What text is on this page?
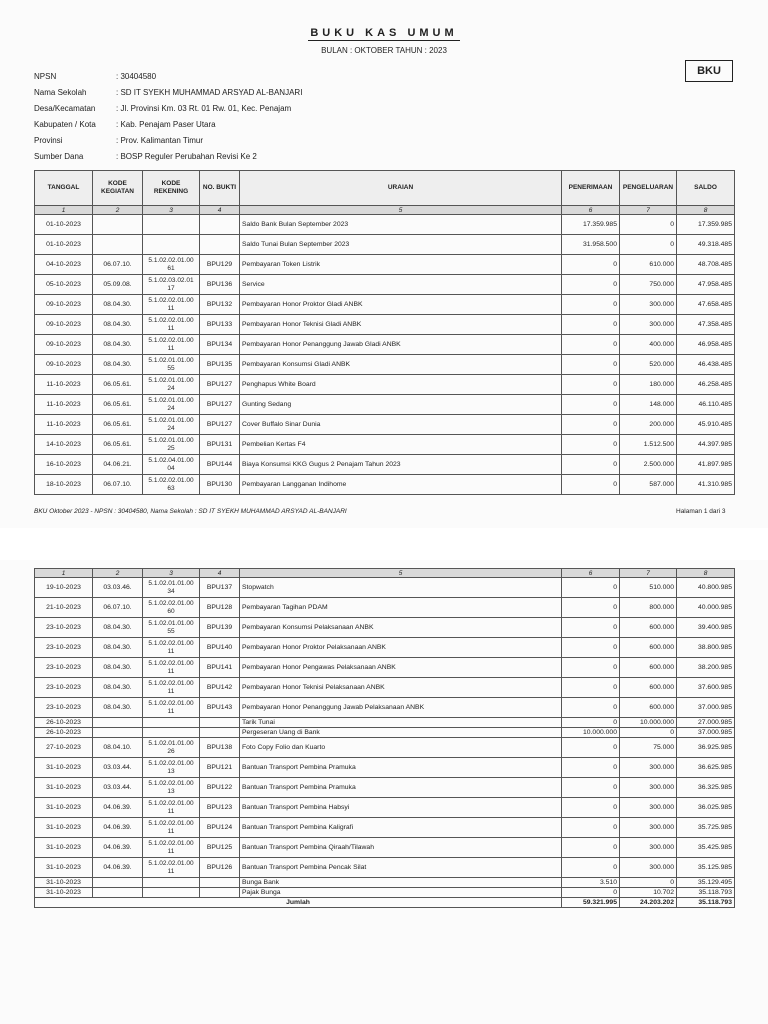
BUKU KAS UMUM
BULAN : OKTOBER TAHUN : 2023
BKU
NPSN	: 30404580
Nama Sekolah	: SD IT SYEKH MUHAMMAD ARSYAD AL-BANJARI
Desa/Kecamatan	: Jl. Provinsi Km. 03 Rt. 01 Rw. 01, Kec. Penajam
Kabupaten / Kota	: Kab. Penajam Paser Utara
Provinsi	: Prov. Kalimantan Timur
Sumber Dana	: BOSP Reguler Perubahan Revisi Ke 2
TANGGAL	KODE KEGIATAN	KODE REKENING	NO. BUKTI	URAIAN	PENERIMAAN	PENGELUARAN	SALDO
1	2	3	4	5	6	7	8
01-10-2023				Saldo Bank Bulan September 2023	17.359.985	0	17.359.985
01-10-2023				Saldo Tunai Bulan September 2023	31.958.500	0	49.318.485
04-10-2023	06.07.10.	5.1.02.02.01.00 61	BPU129	Pembayaran Token Listrik	0	610.000	48.708.485
05-10-2023	05.09.08.	5.1.02.03.02.01 17	BPU136	Service	0	750.000	47.958.485
09-10-2023	08.04.30.	5.1.02.02.01.00 11	BPU132	Pembayaran Honor Proktor Gladi ANBK	0	300.000	47.658.485
09-10-2023	08.04.30.	5.1.02.02.01.00 11	BPU133	Pembayaran Honor Teknisi Gladi ANBK	0	300.000	47.358.485
09-10-2023	08.04.30.	5.1.02.02.01.00 11	BPU134	Pembayaran Honor Penanggung Jawab Gladi ANBK	0	400.000	46.958.485
09-10-2023	08.04.30.	5.1.02.01.01.00 55	BPU135	Pembayaran Konsumsi Gladi ANBK	0	520.000	46.438.485
11-10-2023	06.05.61.	5.1.02.01.01.00 24	BPU127	Penghapus White Board	0	180.000	46.258.485
11-10-2023	06.05.61.	5.1.02.01.01.00 24	BPU127	Gunting Sedang	0	148.000	46.110.485
11-10-2023	06.05.61.	5.1.02.01.01.00 24	BPU127	Cover Buffalo Sinar Dunia	0	200.000	45.910.485
14-10-2023	06.05.61.	5.1.02.01.01.00 25	BPU131	Pembelian Kertas F4	0	1.512.500	44.397.985
16-10-2023	04.06.21.	5.1.02.04.01.00 04	BPU144	Biaya Konsumsi KKG Gugus 2 Penajam Tahun 2023	0	2.500.000	41.897.985
18-10-2023	06.07.10.	5.1.02.02.01.00 63	BPU130	Pembayaran Langganan Indihome	0	587.000	41.310.985
BKU Oktober 2023 - NPSN : 30404580, Nama Sekolah : SD IT SYEKH MUHAMMAD ARSYAD AL-BANJARI	Halaman 1 dari 3
1	2	3	4	5	6	7	8
19-10-2023	03.03.46.	5.1.02.01.01.00 34	BPU137	Stopwatch	0	510.000	40.800.985
21-10-2023	06.07.10.	5.1.02.02.01.00 60	BPU128	Pembayaran Tagihan PDAM	0	800.000	40.000.985
23-10-2023	08.04.30.	5.1.02.01.01.00 55	BPU139	Pembayaran Konsumsi Pelaksanaan ANBK	0	600.000	39.400.985
23-10-2023	08.04.30.	5.1.02.02.01.00 11	BPU140	Pembayaran Honor Proktor Pelaksanaan ANBK	0	600.000	38.800.985
23-10-2023	08.04.30.	5.1.02.02.01.00 11	BPU141	Pembayaran Honor Pengawas Pelaksanaan ANBK	0	600.000	38.200.985
23-10-2023	08.04.30.	5.1.02.02.01.00 11	BPU142	Pembayaran Honor Teknisi Pelaksanaan ANBK	0	600.000	37.600.985
23-10-2023	08.04.30.	5.1.02.02.01.00 11	BPU143	Pembayaran Honor Penanggung Jawab Pelaksanaan ANBK	0	600.000	37.000.985
26-10-2023				Tarik Tunai	0	10.000.000	27.000.985
26-10-2023				Pergeseran Uang di Bank	10.000.000	0	37.000.985
27-10-2023	08.04.10.	5.1.02.01.01.00 26	BPU138	Foto Copy Folio dan Kuarto	0	75.000	36.925.985
31-10-2023	03.03.44.	5.1.02.02.01.00 13	BPU121	Bantuan Transport Pembina Pramuka	0	300.000	36.625.985
31-10-2023	03.03.44.	5.1.02.02.01.00 13	BPU122	Bantuan Transport Pembina Pramuka	0	300.000	36.325.985
31-10-2023	04.06.39.	5.1.02.02.01.00 11	BPU123	Bantuan Transport Pembina Habsyi	0	300.000	36.025.985
31-10-2023	04.06.39.	5.1.02.02.01.00 11	BPU124	Bantuan Transport Pembina Kaligrafi	0	300.000	35.725.985
31-10-2023	04.06.39.	5.1.02.02.01.00 11	BPU125	Bantuan Transport Pembina Qiraah/Tilawah	0	300.000	35.425.985
31-10-2023	04.06.39.	5.1.02.02.01.00 11	BPU126	Bantuan Transport Pembina Pencak Silat	0	300.000	35.125.985
31-10-2023				Bunga Bank	3.510	0	35.129.495
31-10-2023				Pajak Bunga	0	10.702	35.118.793
Jumlah					59.321.995	24.203.202	35.118.793
